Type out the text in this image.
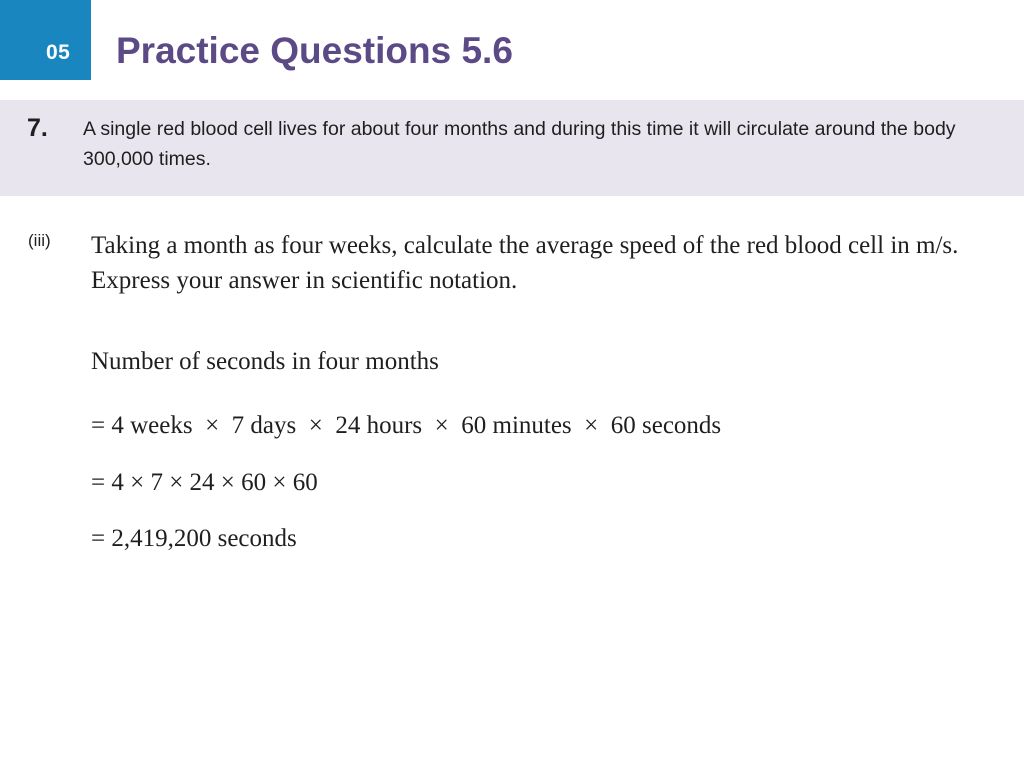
05 Practice Questions 5.6
7. A single red blood cell lives for about four months and during this time it will circulate around the body 300,000 times.

(iii) Taking a month as four weeks, calculate the average speed of the red blood cell in m/s. Express your answer in scientific notation.

Number of seconds in four months

= 4 weeks  ×  7 days  ×  24 hours  ×  60 minutes  ×  60 seconds

= 4 × 7 × 24 × 60 × 60

= 2,419,200 seconds
